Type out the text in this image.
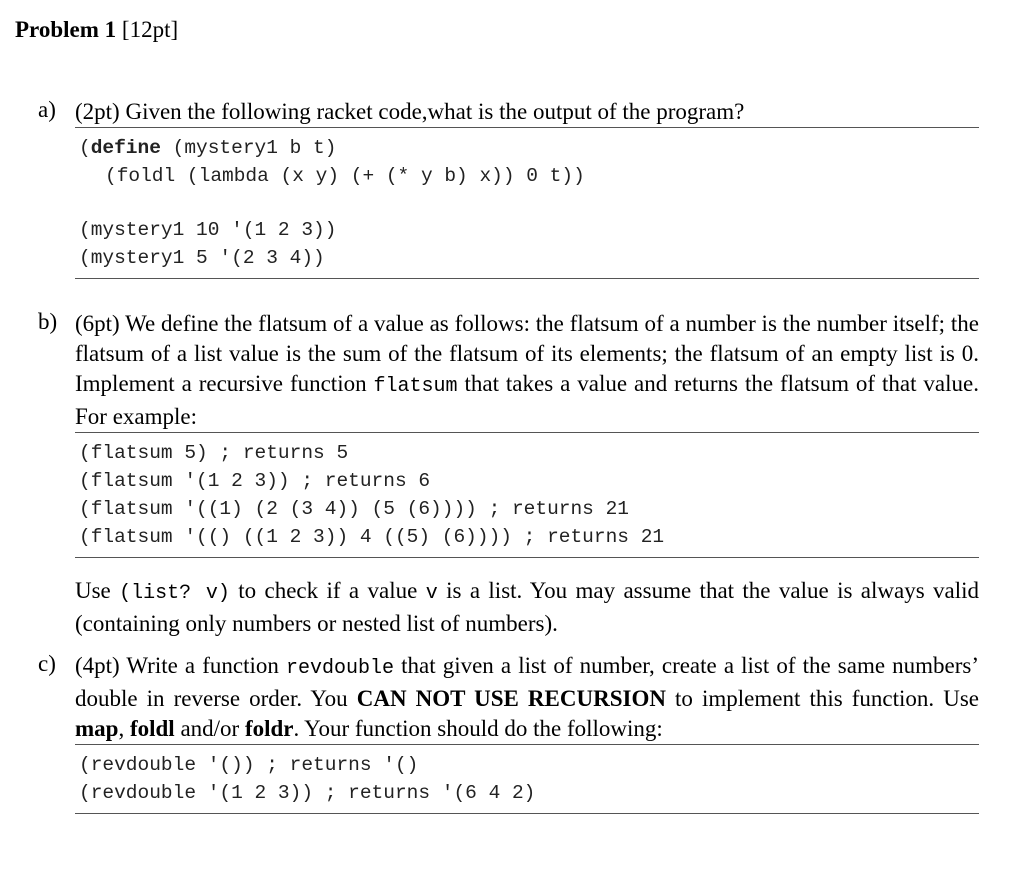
Problem 1 [12pt]
a) (2pt) Given the following racket code,what is the output of the program?
(define (mystery1 b t)
(foldl (lambda (x y) (+ (* y b) x)) 0 t))
(mystery1 10 '(1 2 3))
(mystery1 5 '(2 3 4))
b) (6pt) We define the flatsum of a value as follows: the flatsum of a number is the number itself; the flatsum of a list value is the sum of the flatsum of its elements; the flatsum of an empty list is 0. Implement a recursive function flatsum that takes a value and returns the flatsum of that value. For example:
(flatsum 5) ; returns 5
(flatsum '(1 2 3)) ; returns 6
(flatsum '((1) (2 (3 4)) (5 (6)))) ; returns 21
(flatsum '(() ((1 2 3)) 4 ((5) (6)))) ; returns 21
Use (list? v) to check if a value v is a list. You may assume that the value is always valid (containing only numbers or nested list of numbers).
c) (4pt) Write a function revdouble that given a list of number, create a list of the same numbers’ double in reverse order. You CAN NOT USE RECURSION to implement this function. Use map, foldl and/or foldr. Your function should do the following:
(revdouble '()) ; returns '()
(revdouble '(1 2 3)) ; returns '(6 4 2)
